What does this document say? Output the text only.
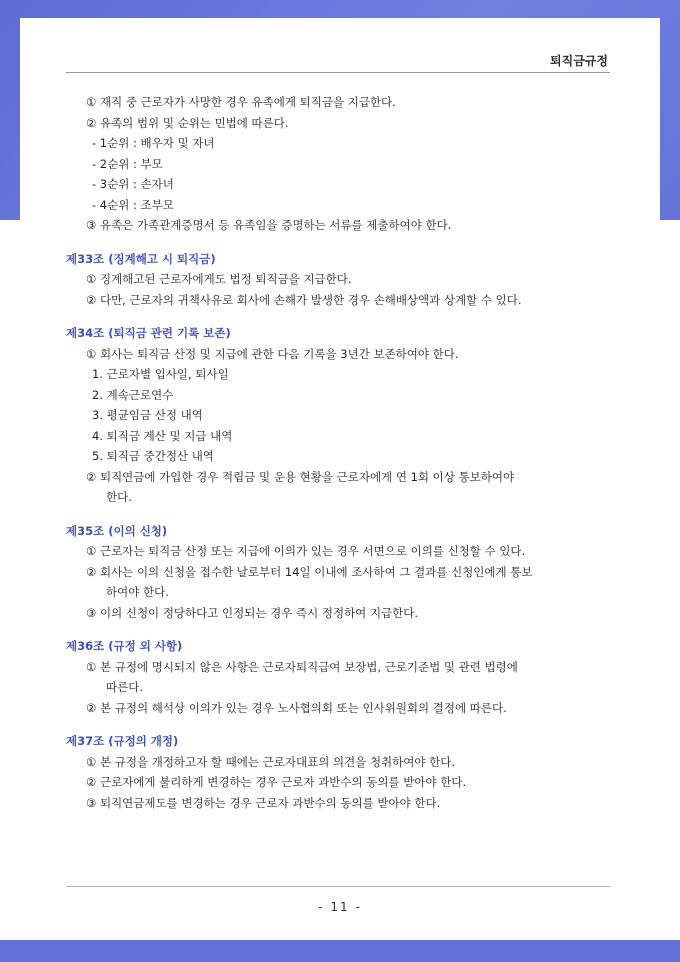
퇴직금규정
① 재직 중 근로자가 사망한 경우 유족에게 퇴직금을 지급한다.
② 유족의 범위 및 순위는 민법에 따른다.
- 1순위 : 배우자 및 자녀
- 2순위 : 부모
- 3순위 : 손자녀
- 4순위 : 조부모
③ 유족은 가족관계증명서 등 유족임을 증명하는 서류를 제출하여야 한다.
제33조 (징계해고 시 퇴직금)
① 징계해고된 근로자에게도 법정 퇴직금을 지급한다.
② 다만, 근로자의 귀책사유로 회사에 손해가 발생한 경우 손해배상액과 상계할 수 있다.
제34조 (퇴직금 관련 기록 보존)
① 회사는 퇴직금 산정 및 지급에 관한 다음 기록을 3년간 보존하여야 한다.
1. 근로자별 입사일, 퇴사일
2. 계속근로연수
3. 평균임금 산정 내역
4. 퇴직금 계산 및 지급 내역
5. 퇴직금 중간정산 내역
② 퇴직연금에 가입한 경우 적립금 및 운용 현황을 근로자에게 연 1회 이상 통보하여야
한다.
제35조 (이의 신청)
① 근로자는 퇴직금 산정 또는 지급에 이의가 있는 경우 서면으로 이의를 신청할 수 있다.
② 회사는 이의 신청을 접수한 날로부터 14일 이내에 조사하여 그 결과를 신청인에게 통보
하여야 한다.
③ 이의 신청이 정당하다고 인정되는 경우 즉시 정정하여 지급한다.
제36조 (규정 외 사항)
① 본 규정에 명시되지 않은 사항은 근로자퇴직급여 보장법, 근로기준법 및 관련 법령에
따른다.
② 본 규정의 해석상 이의가 있는 경우 노사협의회 또는 인사위원회의 결정에 따른다.
제37조 (규정의 개정)
① 본 규정을 개정하고자 할 때에는 근로자대표의 의견을 청취하여야 한다.
② 근로자에게 불리하게 변경하는 경우 근로자 과반수의 동의를 받아야 한다.
③ 퇴직연금제도를 변경하는 경우 근로자 과반수의 동의를 받아야 한다.
- 11 -
